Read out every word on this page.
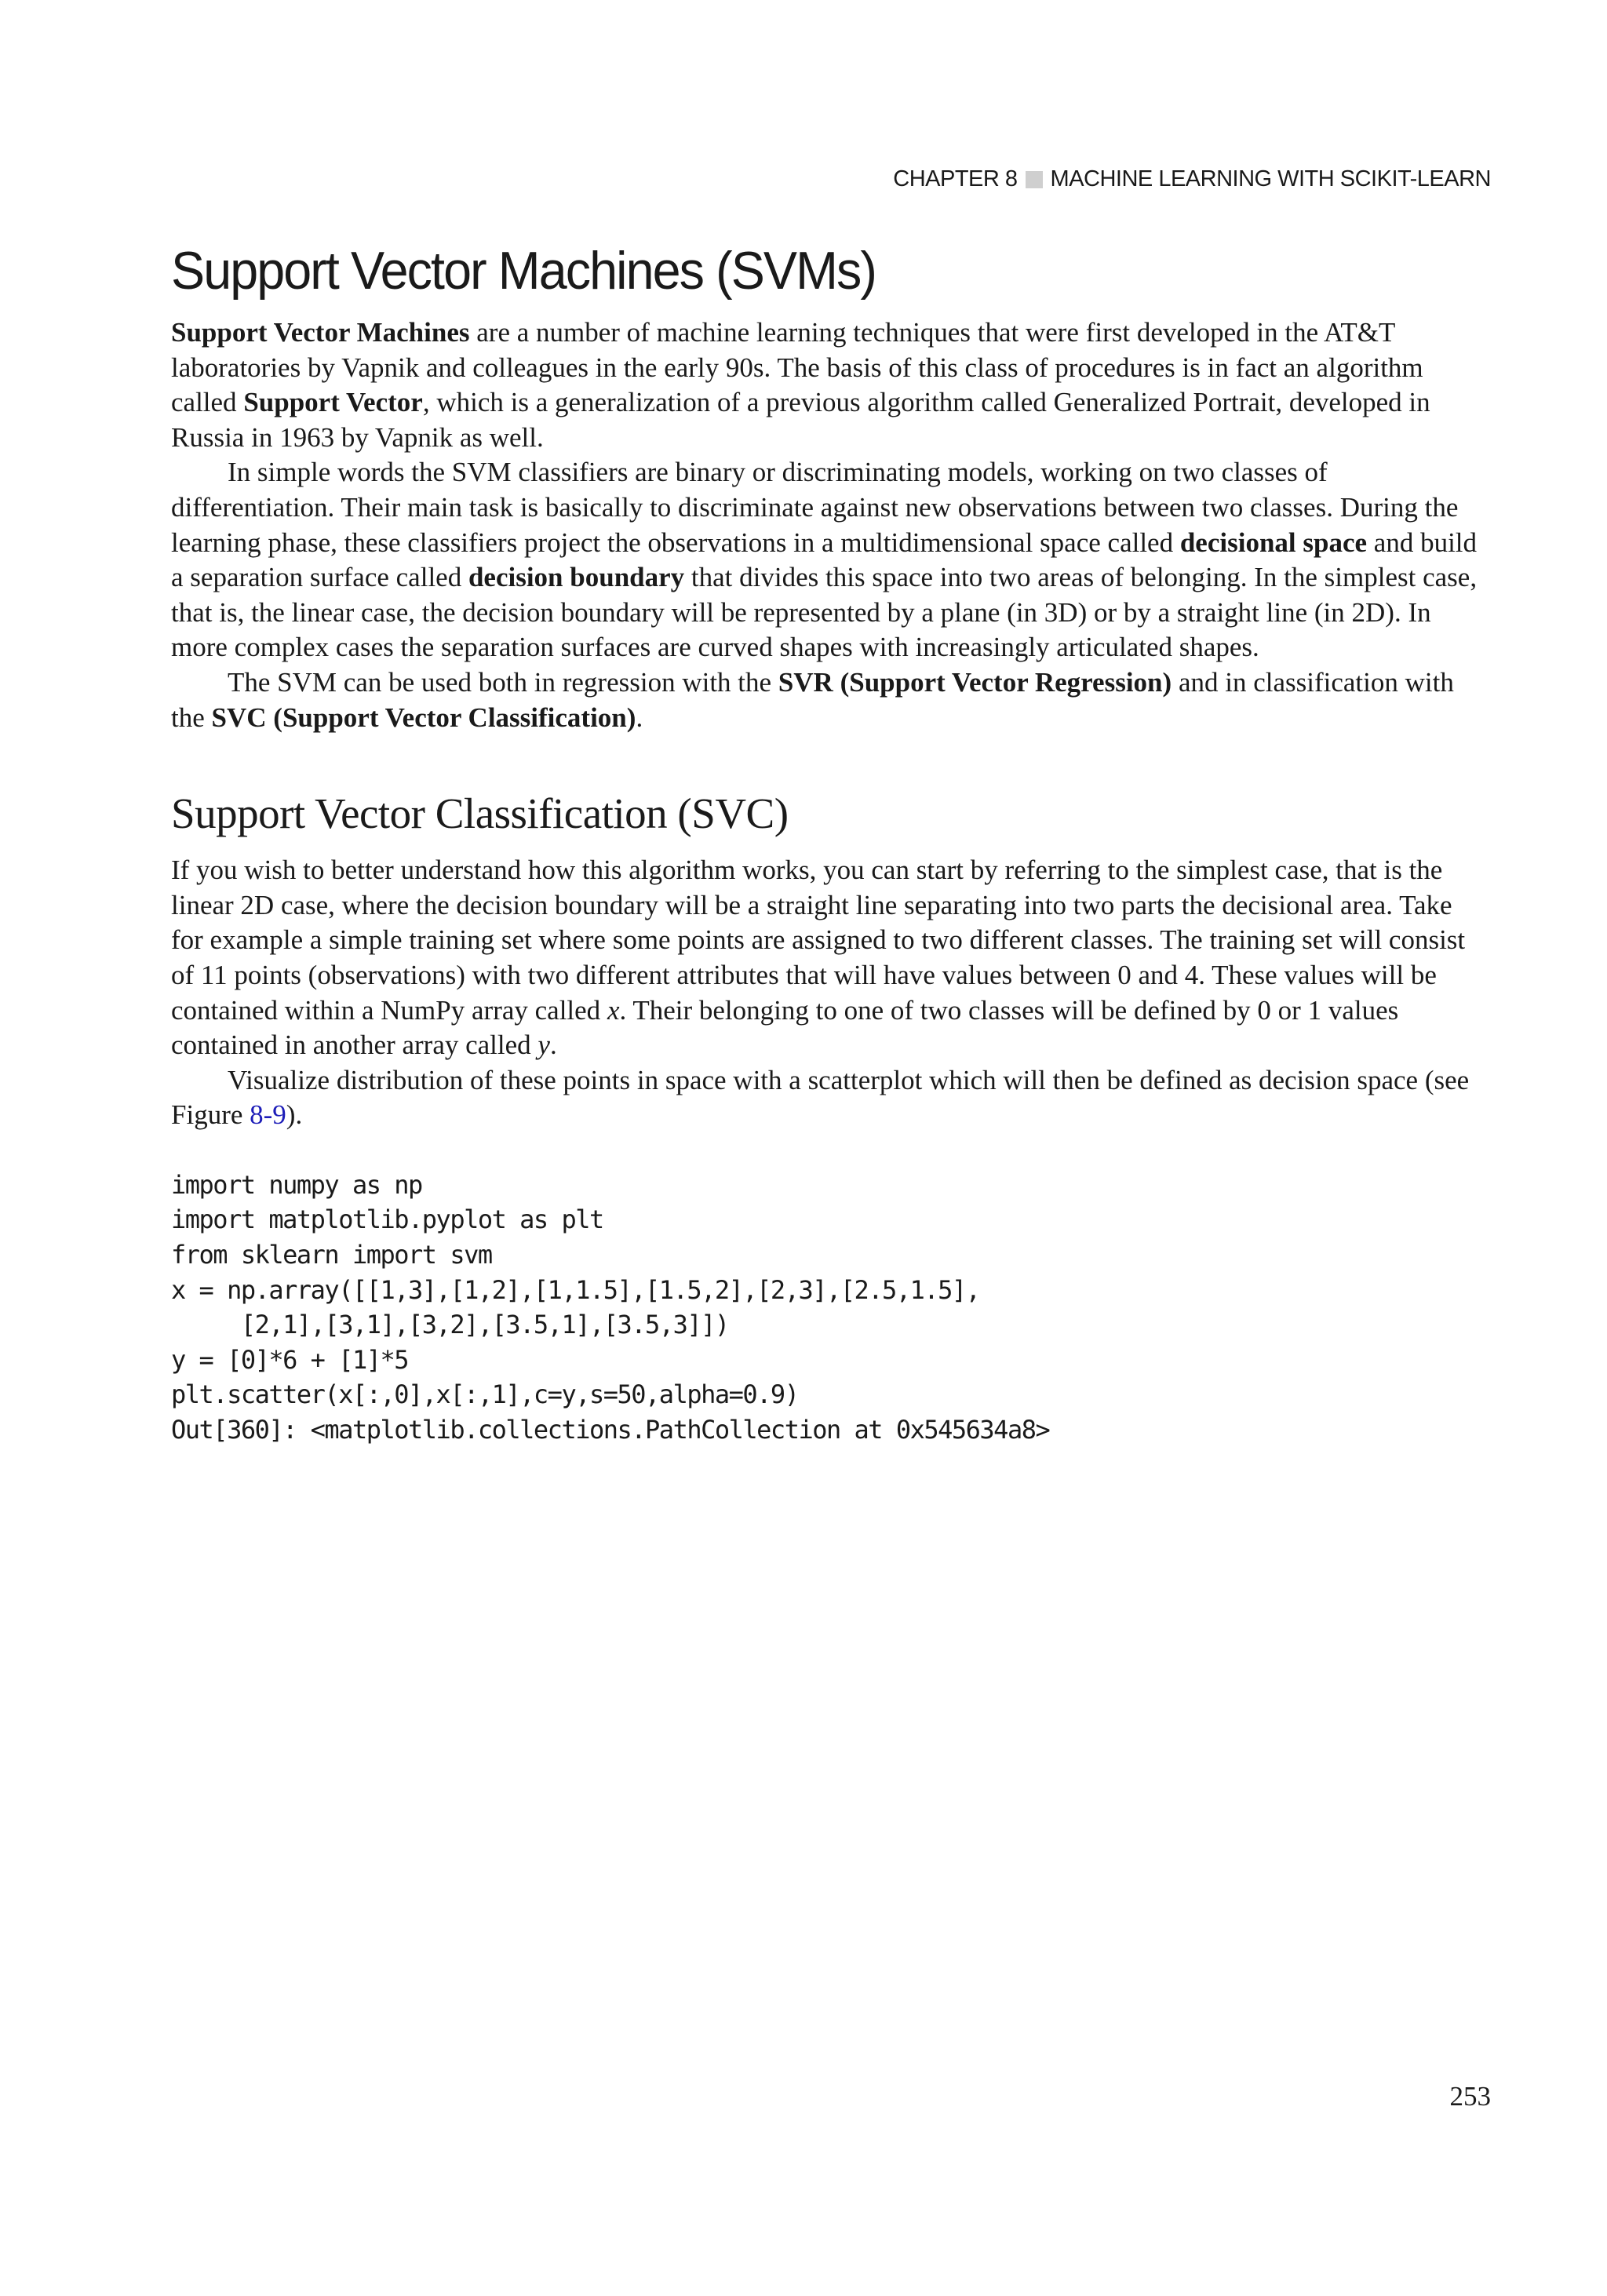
CHAPTER 8 MACHINE LEARNING WITH SCIKIT-LEARN
Support Vector Machines (SVMs)

Support Vector Machines are a number of machine learning techniques that were first developed in the AT&T laboratories by Vapnik and colleagues in the early 90s. The basis of this class of procedures is in fact an algorithm called Support Vector, which is a generalization of a previous algorithm called Generalized Portrait, developed in Russia in 1963 by Vapnik as well.

In simple words the SVM classifiers are binary or discriminating models, working on two classes of differentiation. Their main task is basically to discriminate against new observations between two classes. During the learning phase, these classifiers project the observations in a multidimensional space called decisional space and build a separation surface called decision boundary that divides this space into two areas of belonging. In the simplest case, that is, the linear case, the decision boundary will be represented by a plane (in 3D) or by a straight line (in 2D). In more complex cases the separation surfaces are curved shapes with increasingly articulated shapes.

The SVM can be used both in regression with the SVR (Support Vector Regression) and in classification with the SVC (Support Vector Classification).

Support Vector Classification (SVC)

If you wish to better understand how this algorithm works, you can start by referring to the simplest case, that is the linear 2D case, where the decision boundary will be a straight line separating into two parts the decisional area. Take for example a simple training set where some points are assigned to two different classes. The training set will consist of 11 points (observations) with two different attributes that will have values between 0 and 4. These values will be contained within a NumPy array called x. Their belonging to one of two classes will be defined by 0 or 1 values contained in another array called y.

Visualize distribution of these points in space with a scatterplot which will then be defined as decision space (see Figure 8-9).

import numpy as np
import matplotlib.pyplot as plt
from sklearn import svm
x = np.array([[1,3],[1,2],[1,1.5],[1.5,2],[2,3],[2.5,1.5],
[2,1],[3,1],[3,2],[3.5,1],[3.5,3]])
y = [0]*6 + [1]*5
plt.scatter(x[:,0],x[:,1],c=y,s=50,alpha=0.9)
Out[360]: <matplotlib.collections.PathCollection at 0x545634a8>
253
